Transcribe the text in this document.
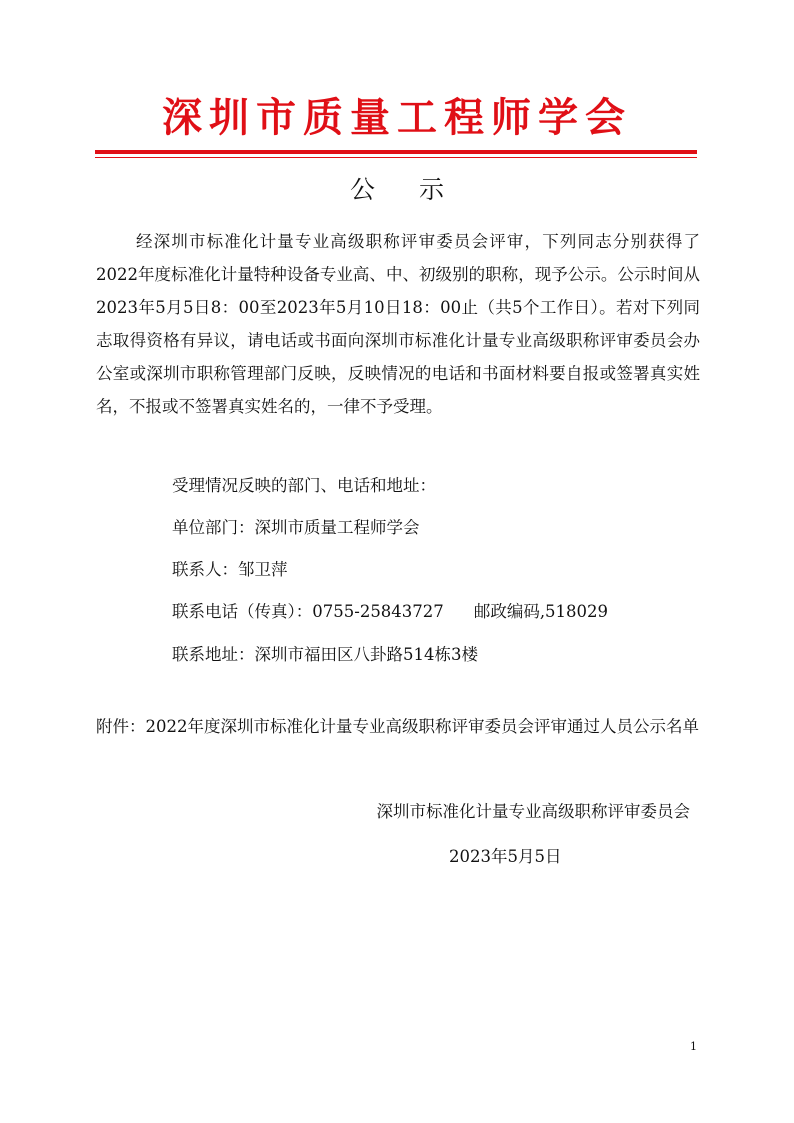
深圳市质量工程师学会
公 示

经深圳市标准化计量专业高级职称评审委员会评审，下列同志分别获得了2022年度标准化计量特种设备专业高、中、初级别的职称，现予公示。公示时间从2023年5月5日8：00至2023年5月10日18：00止（共5个工作日）。若对下列同志取得资格有异议，请电话或书面向深圳市标准化计量专业高级职称评审委员会办公室或深圳市职称管理部门反映，反映情况的电话和书面材料要自报或签署真实姓名，不报或不签署真实姓名的，一律不予受理。

受理情况反映的部门、电话和地址：
单位部门：深圳市质量工程师学会
联系人：邹卫萍
联系电话（传真）：0755-25843727 邮政编码,518029
联系地址：深圳市福田区八卦路514栋3楼

附件：2022年度深圳市标准化计量专业高级职称评审委员会评审通过人员公示名单

深圳市标准化计量专业高级职称评审委员会
2023年5月5日
1
